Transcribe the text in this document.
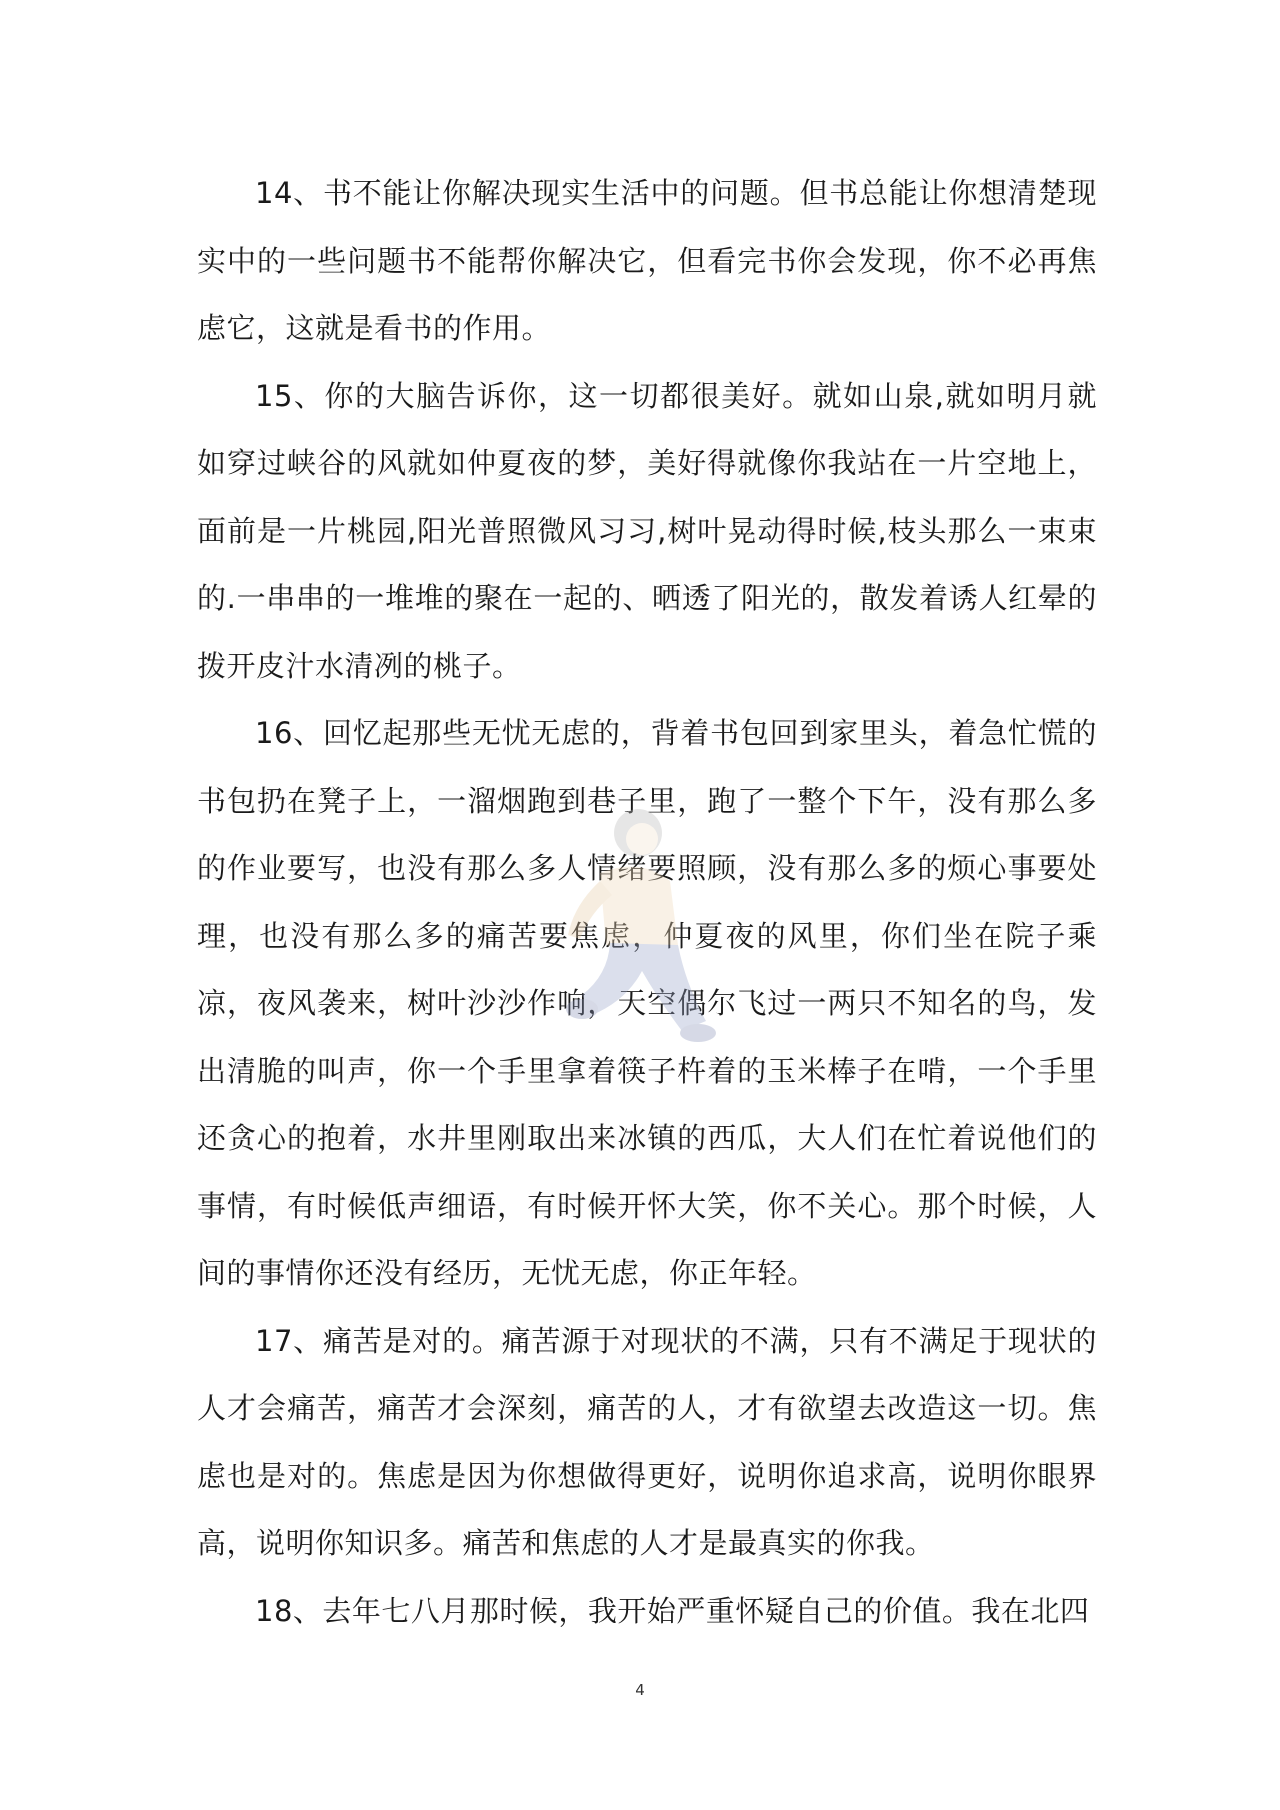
14、书不能让你解决现实生活中的问题。但书总能让你想清楚现实中的一些问题书不能帮你解决它，但看完书你会发现，你不必再焦虑它，这就是看书的作用。

15、你的大脑告诉你，这一切都很美好。就如山泉,就如明月就如穿过峡谷的风就如仲夏夜的梦，美好得就像你我站在一片空地上，面前是一片桃园,阳光普照微风习习,树叶晃动得时候,枝头那么一束束的.一串串的一堆堆的聚在一起的、晒透了阳光的，散发着诱人红晕的 拨开皮汁水清冽的桃子。

16、回忆起那些无忧无虑的，背着书包回到家里头，着急忙慌的书包扔在凳子上，一溜烟跑到巷子里，跑了一整个下午，没有那么多的作业要写，也没有那么多人情绪要照顾，没有那么多的烦心事要处理，也没有那么多的痛苦要焦虑，仲夏夜的风里，你们坐在院子乘凉，夜风袭来，树叶沙沙作响，天空偶尔飞过一两只不知名的鸟，发出清脆的叫声，你一个手里拿着筷子杵着的玉米棒子在啃，一个手里还贪心的抱着，水井里刚取出来冰镇的西瓜，大人们在忙着说他们的事情，有时候低声细语，有时候开怀大笑，你不关心。那个时候，人间的事情你还没有经历，无忧无虑，你正年轻。

17、痛苦是对的。痛苦源于对现状的不满，只有不满足于现状的人才会痛苦，痛苦才会深刻，痛苦的人，才有欲望去改造这一切。焦虑也是对的。焦虑是因为你想做得更好，说明你追求高，说明你眼界高，说明你知识多。痛苦和焦虑的人才是最真实的你我。

18、去年七八月那时候，我开始严重怀疑自己的价值。我在北四

4
